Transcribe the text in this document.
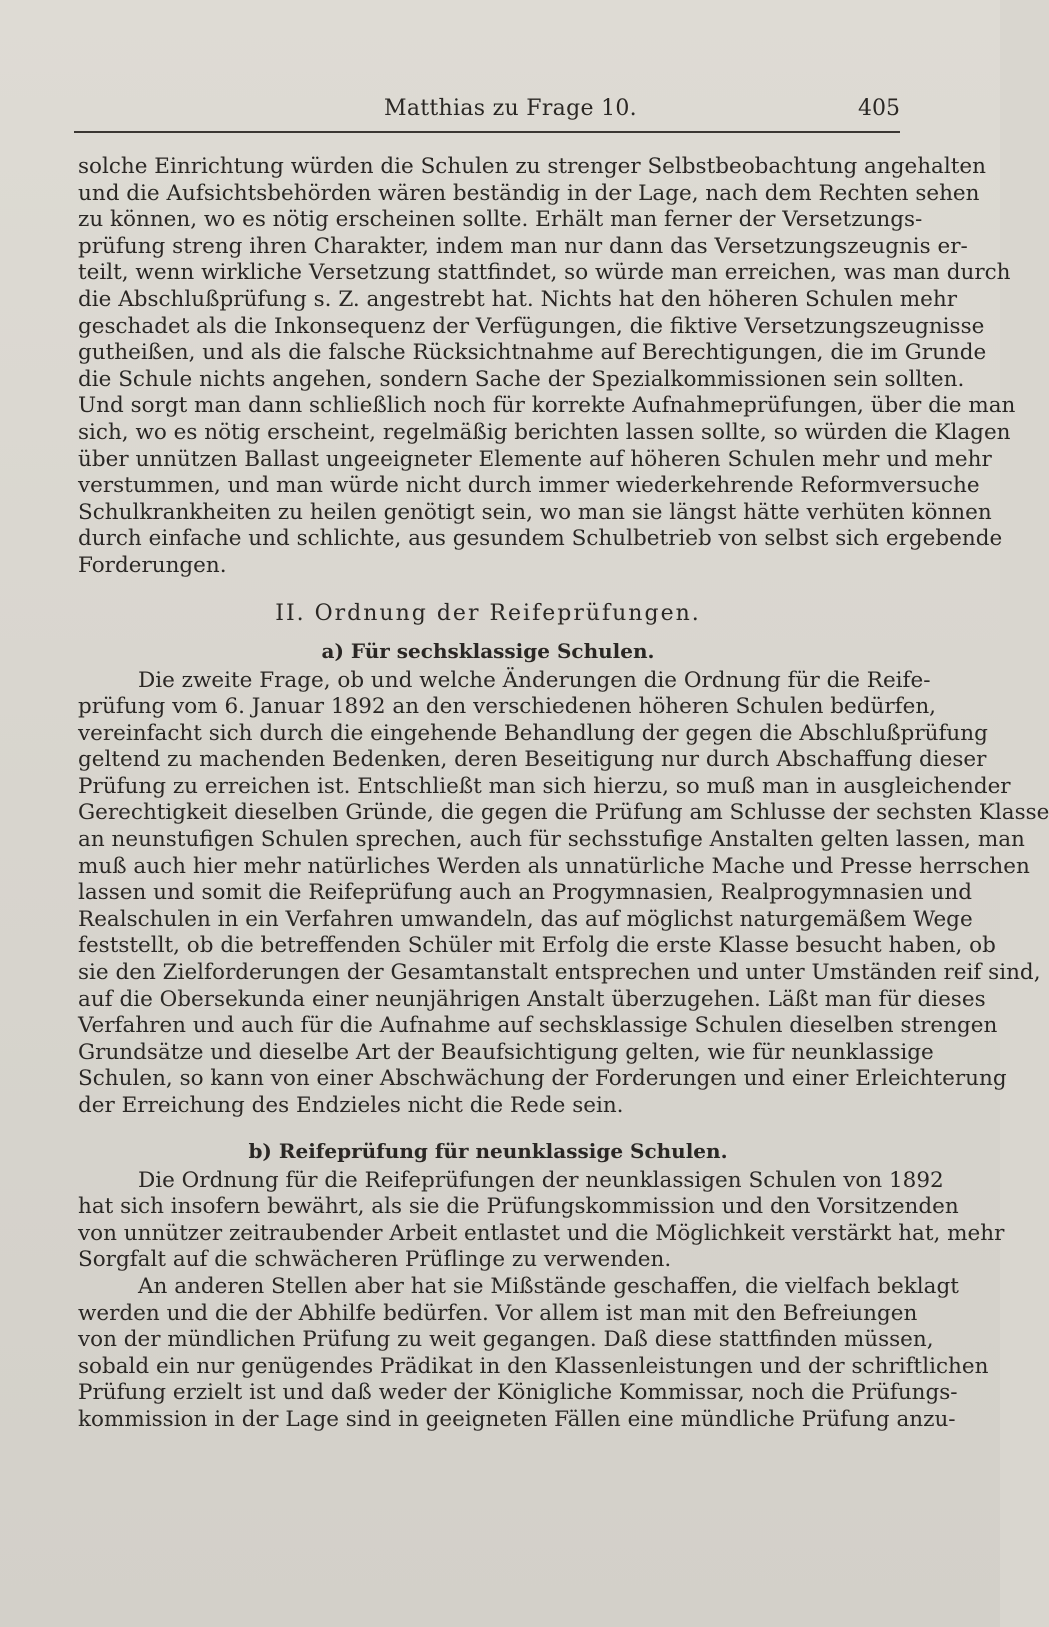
Matthias zu Frage 10.	405

solche Einrichtung würden die Schulen zu strenger Selbstbeobachtung angehalten
und die Aufsichtsbehörden wären beständig in der Lage, nach dem Rechten sehen
zu können, wo es nötig erscheinen sollte. Erhält man ferner der Versetzungs-
prüfung streng ihren Charakter, indem man nur dann das Versetzungszeugnis er-
teilt, wenn wirkliche Versetzung stattfindet, so würde man erreichen, was man durch
die Abschlußprüfung s. Z. angestrebt hat. Nichts hat den höheren Schulen mehr
geschadet als die Inkonsequenz der Verfügungen, die fiktive Versetzungszeugnisse
gutheißen, und als die falsche Rücksichtnahme auf Berechtigungen, die im Grunde
die Schule nichts angehen, sondern Sache der Spezialkommissionen sein sollten.
Und sorgt man dann schließlich noch für korrekte Aufnahmeprüfungen, über die man
sich, wo es nötig erscheint, regelmäßig berichten lassen sollte, so würden die Klagen
über unnützen Ballast ungeeigneter Elemente auf höheren Schulen mehr und mehr
verstummen, und man würde nicht durch immer wiederkehrende Reformversuche
Schulkrankheiten zu heilen genötigt sein, wo man sie längst hätte verhüten können
durch einfache und schlichte, aus gesundem Schulbetrieb von selbst sich ergebende
Forderungen.

II. Ordnung der Reifeprüfungen.
a) Für sechsklassige Schulen.

Die zweite Frage, ob und welche Änderungen die Ordnung für die Reife-
prüfung vom 6. Januar 1892 an den verschiedenen höheren Schulen bedürfen,
vereinfacht sich durch die eingehende Behandlung der gegen die Abschlußprüfung
geltend zu machenden Bedenken, deren Beseitigung nur durch Abschaffung dieser
Prüfung zu erreichen ist. Entschließt man sich hierzu, so muß man in ausgleichender
Gerechtigkeit dieselben Gründe, die gegen die Prüfung am Schlusse der sechsten Klasse
an neunstufigen Schulen sprechen, auch für sechsstufige Anstalten gelten lassen, man
muß auch hier mehr natürliches Werden als unnatürliche Mache und Presse herrschen
lassen und somit die Reifeprüfung auch an Progymnasien, Realprogymnasien und
Realschulen in ein Verfahren umwandeln, das auf möglichst naturgemäßem Wege
feststellt, ob die betreffenden Schüler mit Erfolg die erste Klasse besucht haben, ob
sie den Zielforderungen der Gesamtanstalt entsprechen und unter Umständen reif sind,
auf die Obersekunda einer neunjährigen Anstalt überzugehen. Läßt man für dieses
Verfahren und auch für die Aufnahme auf sechsklassige Schulen dieselben strengen
Grundsätze und dieselbe Art der Beaufsichtigung gelten, wie für neunklassige
Schulen, so kann von einer Abschwächung der Forderungen und einer Erleichterung
der Erreichung des Endzieles nicht die Rede sein.

b) Reifeprüfung für neunklassige Schulen.

Die Ordnung für die Reifeprüfungen der neunklassigen Schulen von 1892
hat sich insofern bewährt, als sie die Prüfungskommission und den Vorsitzenden
von unnützer zeitraubender Arbeit entlastet und die Möglichkeit verstärkt hat, mehr
Sorgfalt auf die schwächeren Prüflinge zu verwenden.

An anderen Stellen aber hat sie Mißstände geschaffen, die vielfach beklagt
werden und die der Abhilfe bedürfen. Vor allem ist man mit den Befreiungen
von der mündlichen Prüfung zu weit gegangen. Daß diese stattfinden müssen,
sobald ein nur genügendes Prädikat in den Klassenleistungen und der schriftlichen
Prüfung erzielt ist und daß weder der Königliche Kommissar, noch die Prüfungs-
kommission in der Lage sind in geeigneten Fällen eine mündliche Prüfung anzu-
